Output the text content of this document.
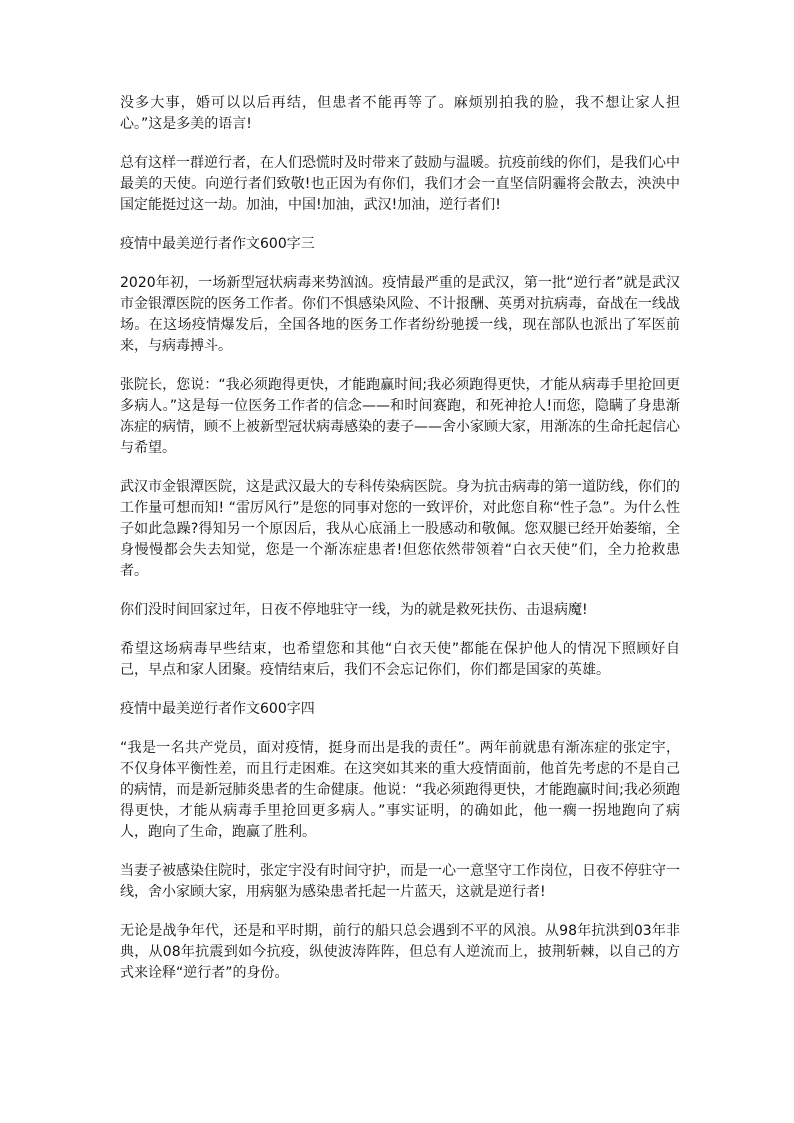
没多大事，婚可以以后再结，但患者不能再等了。麻烦别拍我的脸，我不想让家人担心。”这是多美的语言!

总有这样一群逆行者，在人们恐慌时及时带来了鼓励与温暖。抗疫前线的你们，是我们心中最美的天使。向逆行者们致敬!也正因为有你们，我们才会一直坚信阴霾将会散去，泱泱中国定能挺过这一劫。加油，中国!加油，武汉!加油，逆行者们!

疫情中最美逆行者作文600字三

2020年初，一场新型冠状病毒来势汹汹。疫情最严重的是武汉，第一批“逆行者”就是武汉市金银潭医院的医务工作者。你们不惧感染风险、不计报酬、英勇对抗病毒，奋战在一线战场。在这场疫情爆发后，全国各地的医务工作者纷纷驰援一线，现在部队也派出了军医前来，与病毒搏斗。

张院长，您说：“我必须跑得更快，才能跑赢时间;我必须跑得更快，才能从病毒手里抢回更多病人。”这是每一位医务工作者的信念——和时间赛跑，和死神抢人!而您，隐瞒了身患渐冻症的病情，顾不上被新型冠状病毒感染的妻子——舍小家顾大家，用渐冻的生命托起信心与希望。

武汉市金银潭医院，这是武汉最大的专科传染病医院。身为抗击病毒的第一道防线，你们的工作量可想而知! “雷厉风行”是您的同事对您的一致评价，对此您自称“性子急”。为什么性子如此急躁?得知另一个原因后，我从心底涌上一股感动和敬佩。您双腿已经开始萎缩，全身慢慢都会失去知觉，您是一个渐冻症患者!但您依然带领着“白衣天使”们，全力抢救患者。

你们没时间回家过年，日夜不停地驻守一线，为的就是救死扶伤、击退病魔!

希望这场病毒早些结束，也希望您和其他“白衣天使”都能在保护他人的情况下照顾好自己，早点和家人团聚。疫情结束后，我们不会忘记你们，你们都是国家的英雄。

疫情中最美逆行者作文600字四

“我是一名共产党员，面对疫情，挺身而出是我的责任”。两年前就患有渐冻症的张定宇，不仅身体平衡性差，而且行走困难。在这突如其来的重大疫情面前，他首先考虑的不是自己的病情，而是新冠肺炎患者的生命健康。他说：“我必须跑得更快，才能跑赢时间;我必须跑得更快，才能从病毒手里抢回更多病人。”事实证明，的确如此，他一瘸一拐地跑向了病人，跑向了生命，跑赢了胜利。

当妻子被感染住院时，张定宇没有时间守护，而是一心一意坚守工作岗位，日夜不停驻守一线，舍小家顾大家，用病躯为感染患者托起一片蓝天，这就是逆行者!

无论是战争年代，还是和平时期，前行的船只总会遇到不平的风浪。从98年抗洪到03年非典，从08年抗震到如今抗疫，纵使波涛阵阵，但总有人逆流而上，披荆斩棘，以自己的方式来诠释“逆行者”的身份。
